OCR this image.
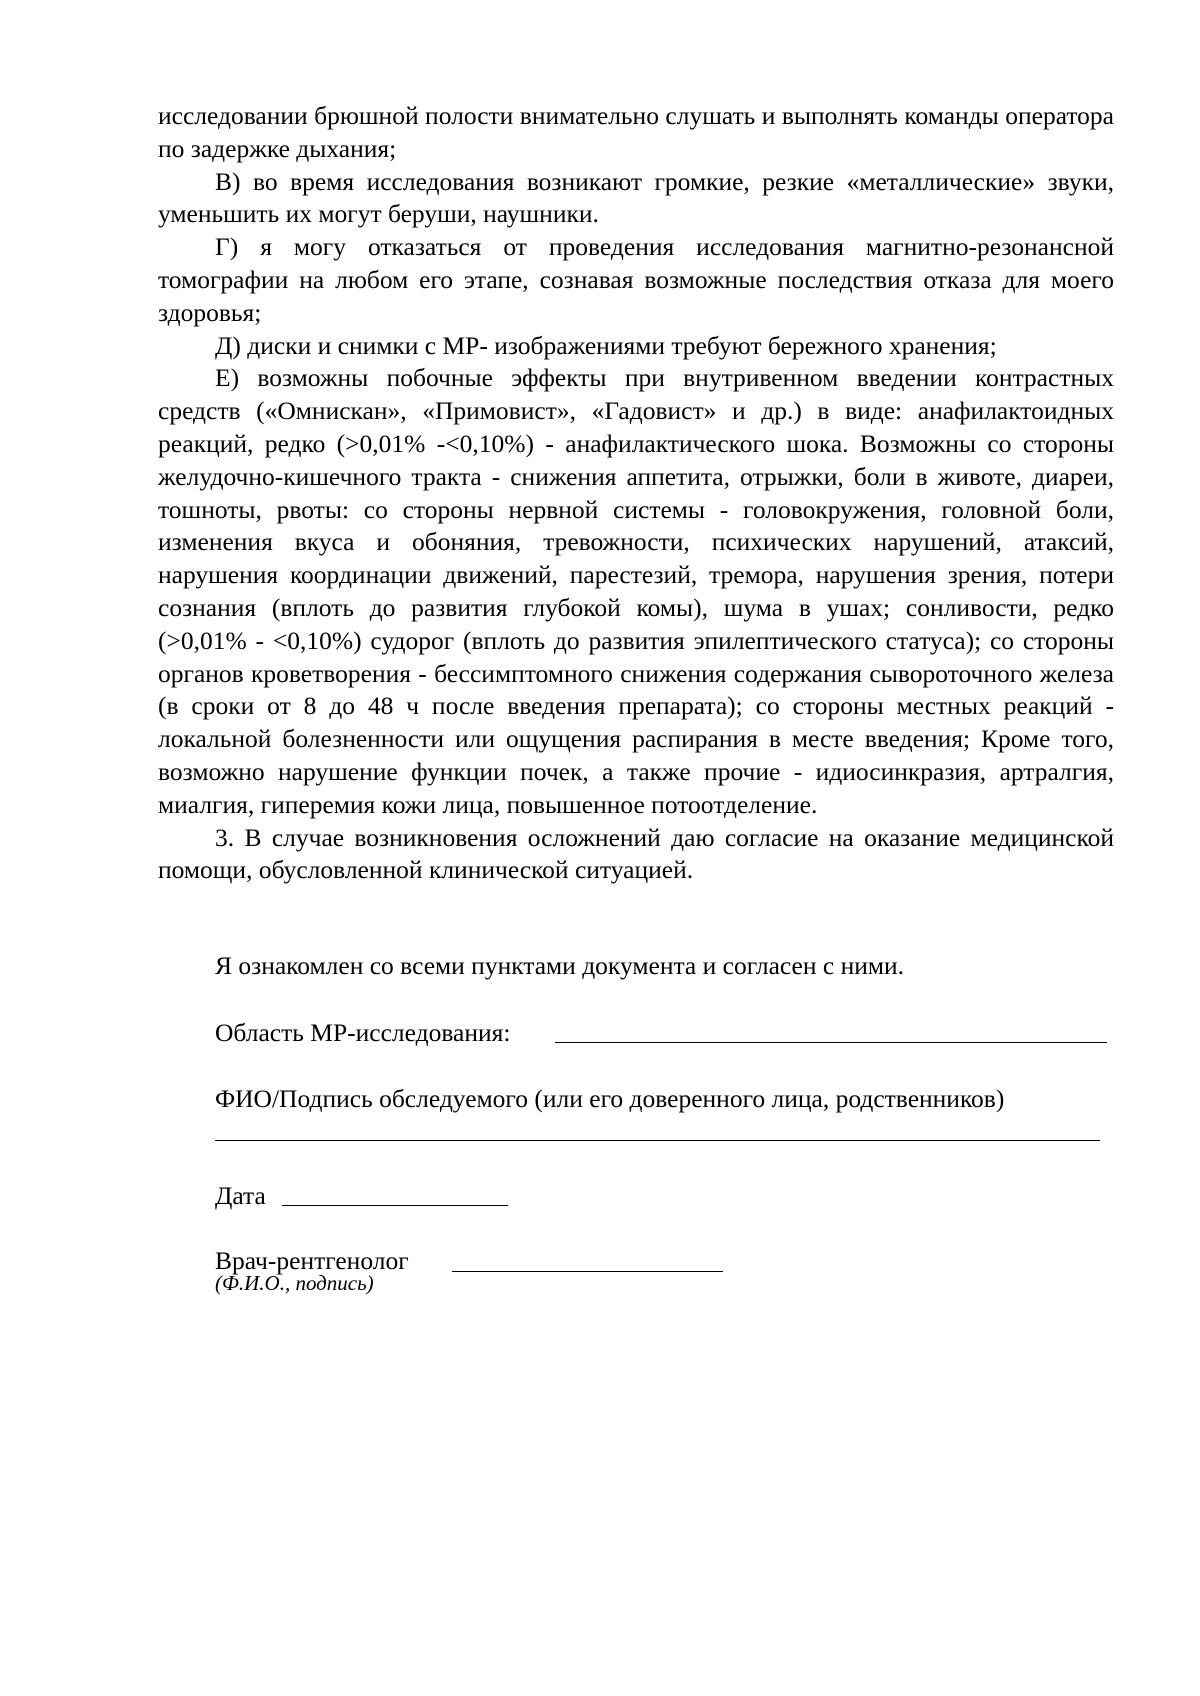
исследовании брюшной полости внимательно слушать и выполнять команды оператора по задержке дыхания;

В) во время исследования возникают громкие, резкие «металлические» звуки, уменьшить их могут беруши, наушники.

Г) я могу отказаться от проведения исследования магнитно-резонансной томографии на любом его этапе, сознавая возможные последствия отказа для моего здоровья;

Д) диски и снимки с МР- изображениями требуют бережного хранения;

Е) возможны побочные эффекты при внутривенном введении контрастных средств («Омнискан», «Примовист», «Гадовист» и др.) в виде: анафилактоидных реакций, редко (>0,01% -<0,10%) - анафилактического шока. Возможны со стороны желудочно-кишечного тракта - снижения аппетита, отрыжки, боли в животе, диареи, тошноты, рвоты: со стороны нервной системы - головокружения, головной боли, изменения вкуса и обоняния, тревожности, психических нарушений, атаксий, нарушения координации движений, парестезий, тремора, нарушения зрения, потери сознания (вплоть до развития глубокой комы), шума в ушах; сонливости, редко (>0,01% - <0,10%) судорог (вплоть до развития эпилептического статуса); со стороны органов кроветворения - бессимптомного снижения содержания сывороточного железа (в сроки от 8 до 48 ч после введения препарата); со стороны местных реакций - локальной болезненности или ощущения распирания в месте введения; Кроме того, возможно нарушение функции почек, а также прочие - идиосинкразия, артралгия, миалгия, гиперемия кожи лица, повышенное потоотделение.

3. В случае возникновения осложнений даю согласие на оказание медицинской помощи, обусловленной клинической ситуацией.

Я ознакомлен со всеми пунктами документа и согласен с ними.
Область МР-исследования:
ФИО/Подпись обследуемого (или его доверенного лица, родственников)
Дата
Врач-рентгенолог
(Ф.И.О., подпись)
